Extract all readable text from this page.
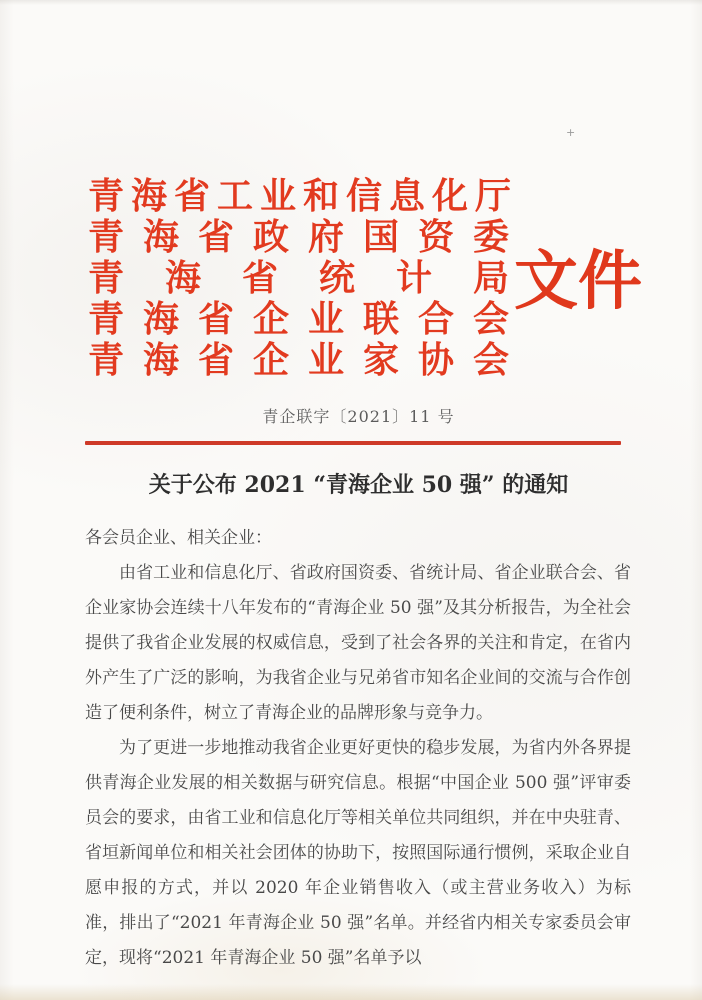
+
青海省工业和信息化厅
青海省政府国资委
青海省统计局
青海省企业联合会
青海省企业家协会
文件
青企联字〔2021〕11 号
关于公布 2021 “青海企业 50 强” 的通知

各会员企业、相关企业：

由省工业和信息化厅、省政府国资委、省统计局、省企业联合会、省企业家协会连续十八年发布的“青海企业 50 强”及其分析报告，为全社会提供了我省企业发展的权威信息，受到了社会各界的关注和肯定，在省内外产生了广泛的影响，为我省企业与兄弟省市知名企业间的交流与合作创造了便利条件，树立了青海企业的品牌形象与竞争力。

为了更进一步地推动我省企业更好更快的稳步发展，为省内外各界提供青海企业发展的相关数据与研究信息。根据“中国企业 500 强”评审委员会的要求，由省工业和信息化厅等相关单位共同组织，并在中央驻青、省垣新闻单位和相关社会团体的协助下，按照国际通行惯例，采取企业自愿申报的方式，并以 2020 年企业销售收入（或主营业务收入）为标准，排出了“2021 年青海企业 50 强”名单。并经省内相关专家委员会审定，现将“2021 年青海企业 50 强”名单予以
